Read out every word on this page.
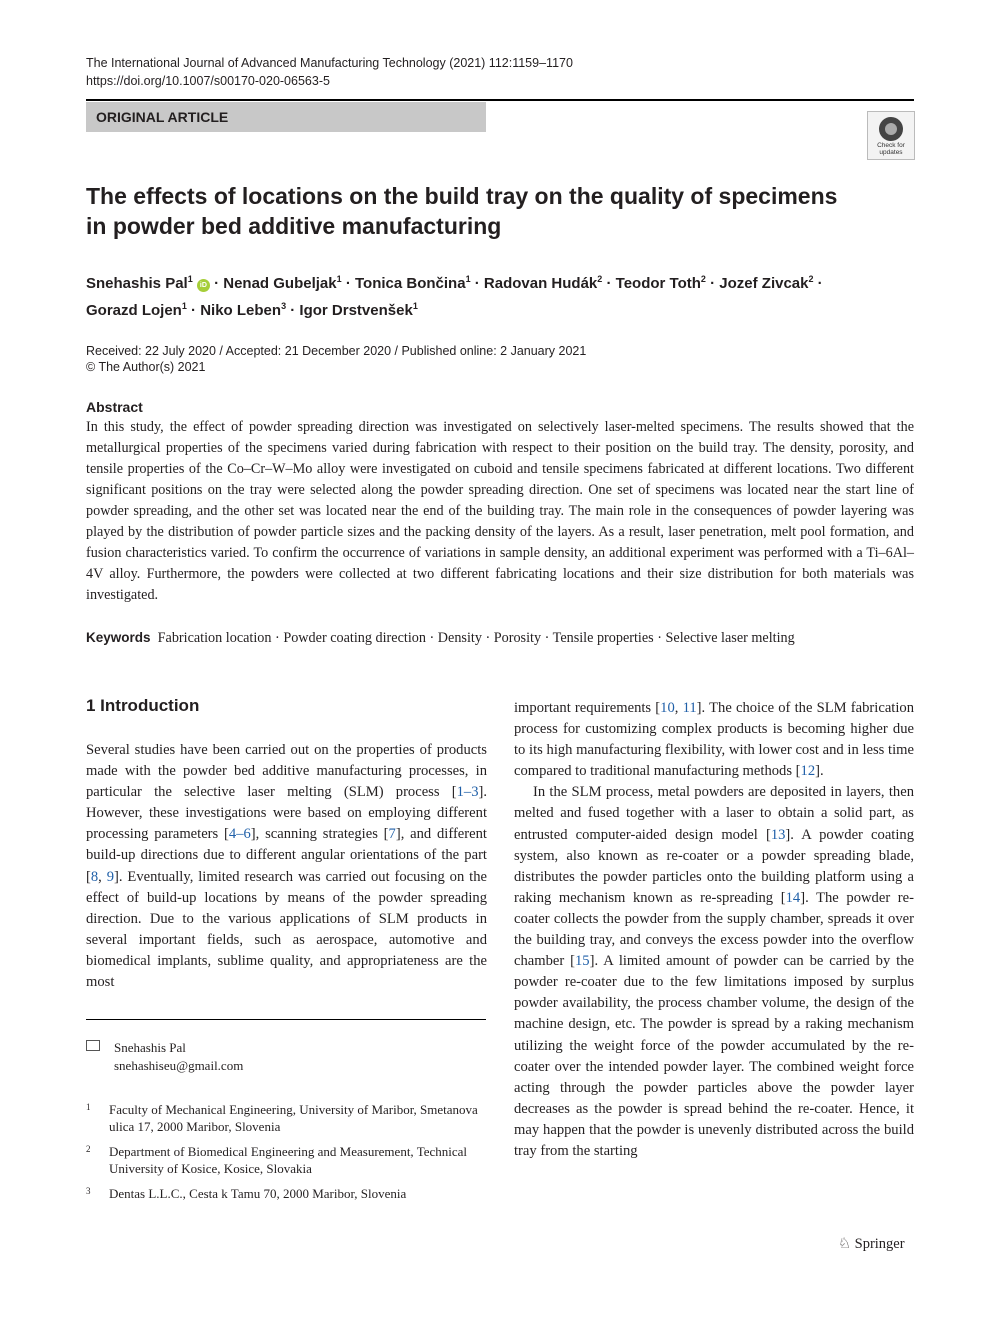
The International Journal of Advanced Manufacturing Technology (2021) 112:1159–1170
https://doi.org/10.1007/s00170-020-06563-5
ORIGINAL ARTICLE
Check for
updates
The effects of locations on the build tray on the quality of specimens
in powder bed additive manufacturing
Snehashis Pal$^1$ iD · Nenad Gubeljak$^1$ · Tonica Bončina$^1$ · Radovan Hudák$^2$ · Teodor Toth$^2$ · Jozef Zivcak$^2$ ·
Gorazd Lojen$^1$ · Niko Leben$^3$ · Igor Drstvenšek$^1$
Received: 22 July 2020 / Accepted: 21 December 2020 / Published online: 2 January 2021
© The Author(s) 2021
Abstract
In this study, the effect of powder spreading direction was investigated on selectively laser-melted specimens. The results showed that the metallurgical properties of the specimens varied during fabrication with respect to their position on the build tray. The density, porosity, and tensile properties of the Co–Cr–W–Mo alloy were investigated on cuboid and tensile specimens fabricated at different locations. Two different significant positions on the tray were selected along the powder spreading direction. One set of specimens was located near the start line of powder spreading, and the other set was located near the end of the building tray. The main role in the consequences of powder layering was played by the distribution of powder particle sizes and the packing density of the layers. As a result, laser penetration, melt pool formation, and fusion characteristics varied. To confirm the occurrence of variations in sample density, an additional experiment was performed with a Ti–6Al–4V alloy. Furthermore, the powders were collected at two different fabricating locations and their size distribution for both materials was investigated.
Keywords Fabrication location · Powder coating direction · Density · Porosity · Tensile properties · Selective laser melting
1 Introduction

Several studies have been carried out on the properties of products made with the powder bed additive manufacturing processes, in particular the selective laser melting (SLM) process [1–3]. However, these investigations were based on employing different processing parameters [4–6], scanning strategies [7], and different build-up directions due to different angular orientations of the part [8, 9]. Eventually, limited research was carried out focusing on the effect of build-up locations by means of the powder spreading direction. Due to the various applications of SLM products in several important fields, such as aerospace, automotive and biomedical implants, sublime quality, and appropriateness are the most

important requirements [10, 11]. The choice of the SLM fabrication process for customizing complex products is becoming higher due to its high manufacturing flexibility, with lower cost and in less time compared to traditional manufacturing methods [12].

In the SLM process, metal powders are deposited in layers, then melted and fused together with a laser to obtain a solid part, as entrusted computer-aided design model [13]. A powder coating system, also known as re-coater or a powder spreading blade, distributes the powder particles onto the building platform using a raking mechanism known as re-spreading [14]. The powder re-coater collects the powder from the supply chamber, spreads it over the building tray, and conveys the excess powder into the overflow chamber [15]. A limited amount of powder can be carried by the powder re-coater due to the few limitations imposed by surplus powder availability, the process chamber volume, the design of the machine design, etc. The powder is spread by a raking mechanism utilizing the weight force of the powder accumulated by the re-coater over the intended powder layer. The combined weight force acting through the powder particles above the powder layer decreases as the powder is spread behind the re-coater. Hence, it may happen that the powder is unevenly distributed across the build tray from the starting

Snehashis Pal
snehashiseu@gmail.com
1 Faculty of Mechanical Engineering, University of Maribor, Smetanova ulica 17, 2000 Maribor, Slovenia
2 Department of Biomedical Engineering and Measurement, Technical University of Kosice, Kosice, Slovakia
3 Dentas L.L.C., Cesta k Tamu 70, 2000 Maribor, Slovenia
♘ Springer
